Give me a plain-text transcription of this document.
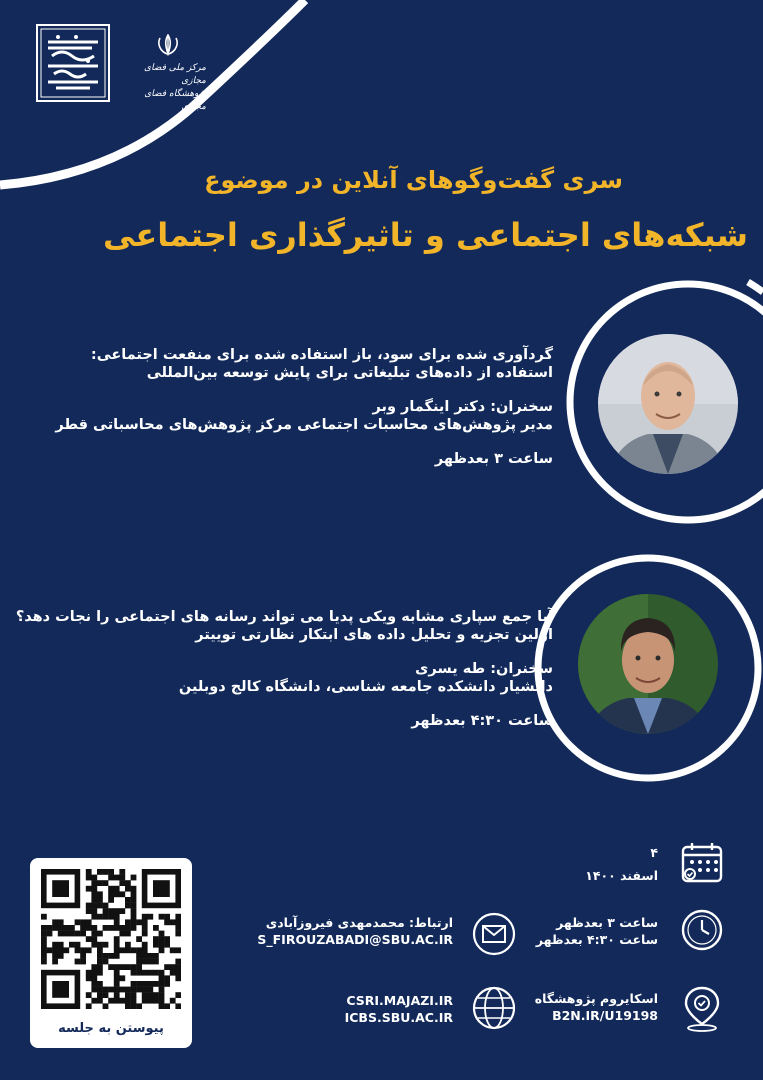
مرکز ملی فضای مجازی
پژوهشگاه فضای مجازی
سری گفت‌وگوهای آنلاین در موضوع
شبکه‌های اجتماعی و تاثیرگذاری اجتماعی

گردآوری شده برای سود، باز استفاده شده برای منفعت اجتماعی:

استفاده از داده‌های تبلیغاتی برای پایش توسعه بین‌المللی

سخنران: دکتر اینگمار وبر

مدیر پژوهش‌های محاسبات اجتماعی مرکز پژوهش‌های محاسباتی قطر

ساعت ۳ بعدظهر

آیا جمع سپاری مشابه ویکی پدیا می تواند رسانه های اجتماعی را نجات دهد؟

اولین تجزیه و تحلیل داده های ابتکار نظارتی توییتر

سخنران: طه یسری

دانشیار دانشکده جامعه شناسی، دانشگاه کالج دوبلین

ساعت ۴:۳۰ بعدظهر

پیوستن به جلسه
۴
اسفند ۱۴۰۰
ساعت ۳ بعدظهر
ساعت ۴:۳۰ بعدظهر
اسکایروم پژوهشگاه
B2N.IR/U19198
ارتباط: محمدمهدی فیروزآبادی
S_FIROUZABADI@SBU.AC.IR
CSRI.MAJAZI.IR
ICBS.SBU.AC.IR
